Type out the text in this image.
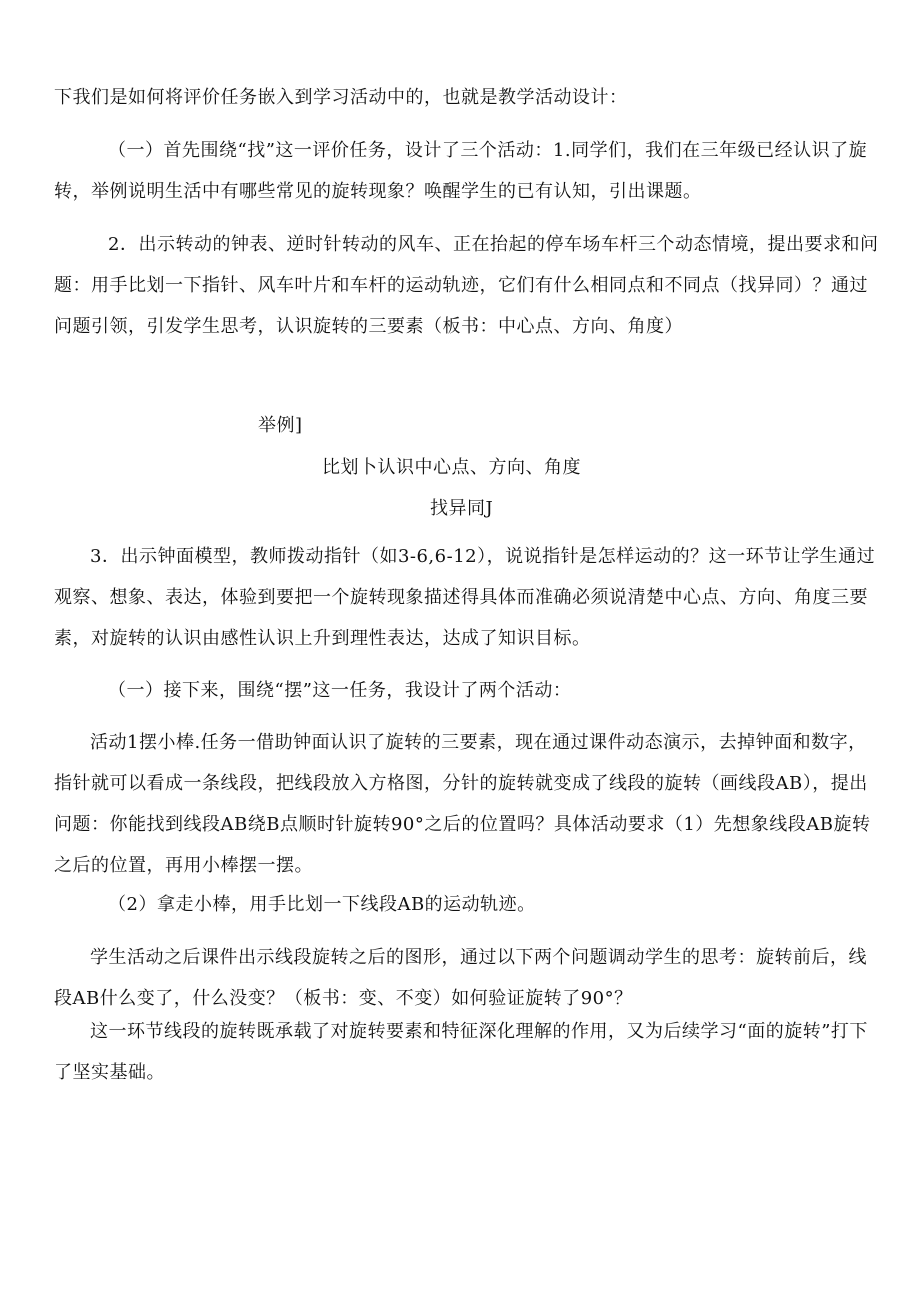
下我们是如何将评价任务嵌入到学习活动中的，也就是教学活动设计：

（一）首先围绕“找”这一评价任务，设计了三个活动：1.同学们，我们在三年级已经认识了旋转，举例说明生活中有哪些常见的旋转现象？唤醒学生的已有认知，引出课题。

2．出示转动的钟表、逆时针转动的风车、正在抬起的停车场车杆三个动态情境，提出要求和问题：用手比划一下指针、风车叶片和车杆的运动轨迹，它们有什么相同点和不同点（找异同）？通过问题引领，引发学生思考，认识旋转的三要素（板书：中心点、方向、角度）

举例]

比划卜认识中心点、方向、角度

找异同J

3．出示钟面模型，教师拨动指针（如3-6,6-12），说说指针是怎样运动的？这一环节让学生通过观察、想象、表达，体验到要把一个旋转现象描述得具体而准确必须说清楚中心点、方向、角度三要素，对旋转的认识由感性认识上升到理性表达，达成了知识目标。

（一）接下来，围绕“摆”这一任务，我设计了两个活动：

活动1摆小棒.任务一借助钟面认识了旋转的三要素，现在通过课件动态演示，去掉钟面和数字，指针就可以看成一条线段，把线段放入方格图，分针的旋转就变成了线段的旋转（画线段AB），提出问题：你能找到线段AB绕B点顺时针旋转90°之后的位置吗？具体活动要求（1）先想象线段AB旋转之后的位置，再用小棒摆一摆。

（2）拿走小棒，用手比划一下线段AB的运动轨迹。

学生活动之后课件出示线段旋转之后的图形，通过以下两个问题调动学生的思考：旋转前后，线段AB什么变了，什么没变？（板书：变、不变）如何验证旋转了90°？

这一环节线段的旋转既承载了对旋转要素和特征深化理解的作用，又为后续学习“面的旋转”打下了坚实基础。
